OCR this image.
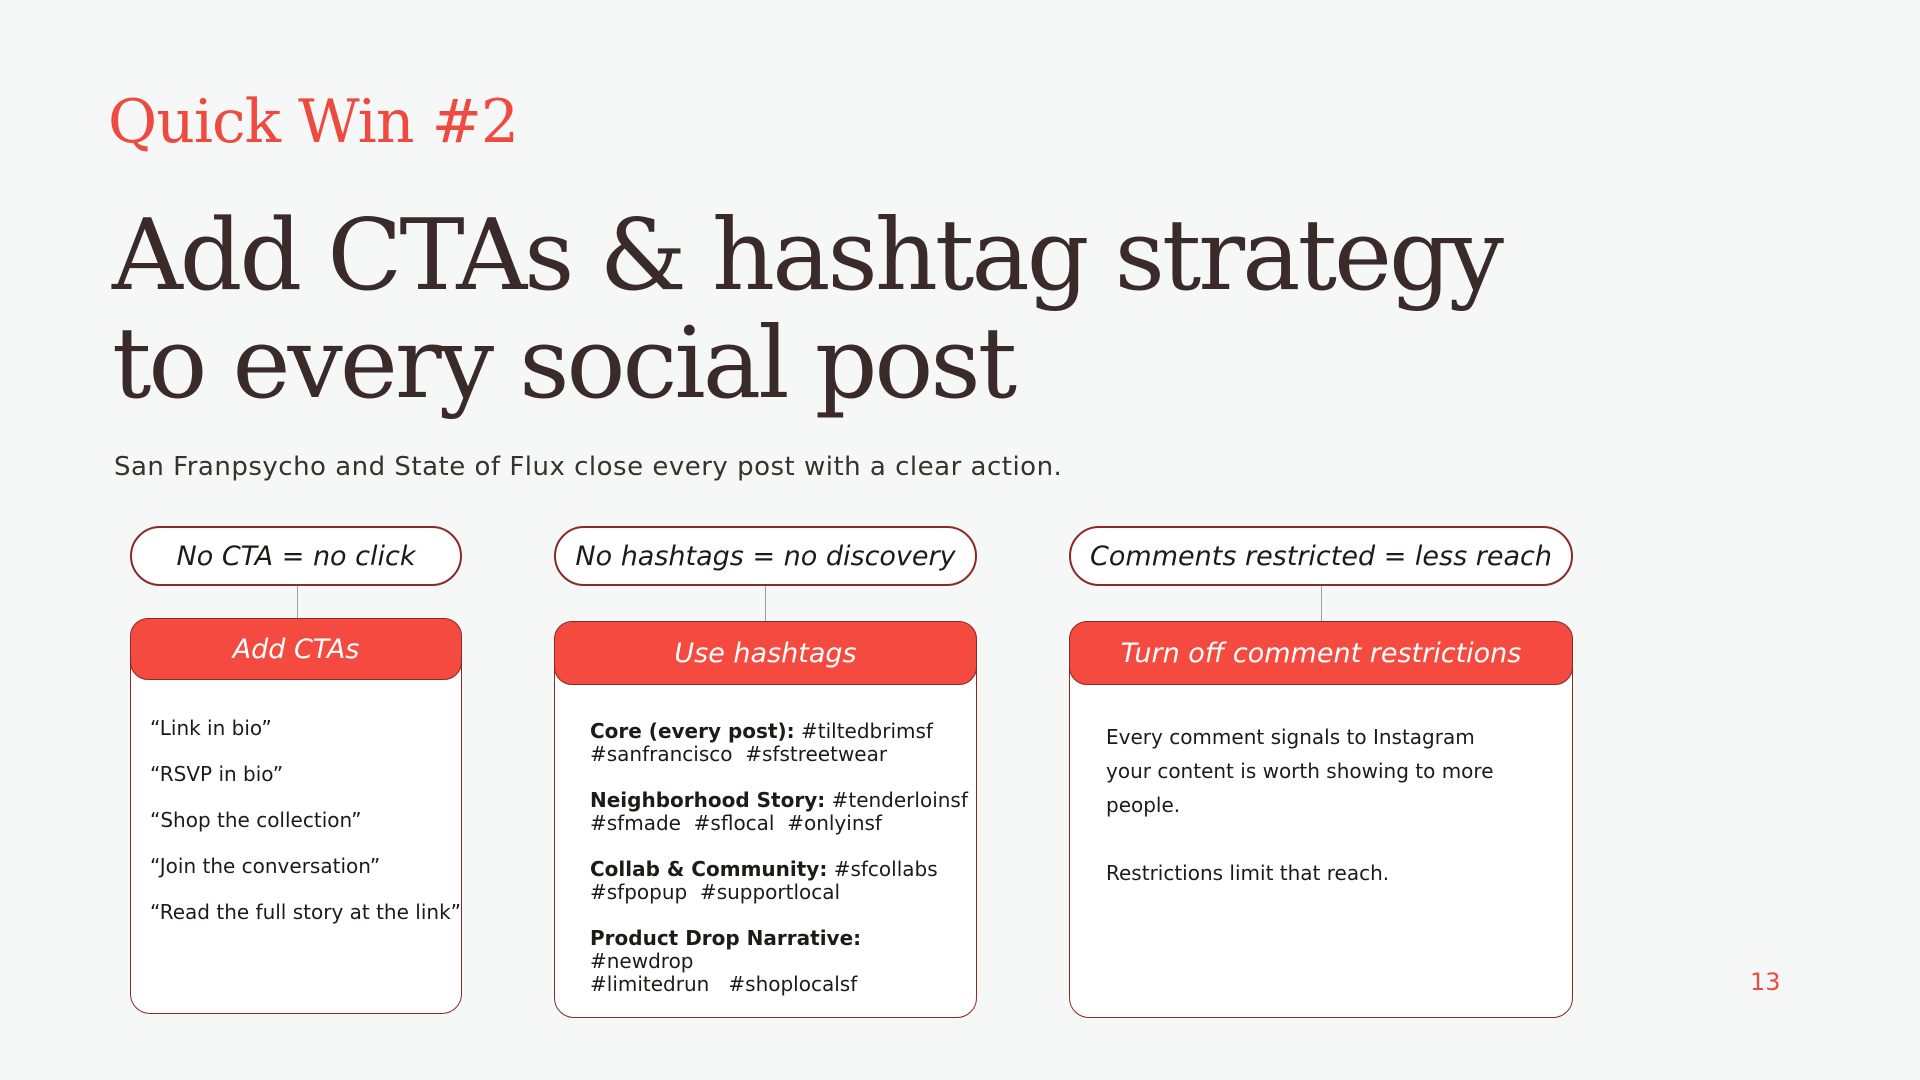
Quick Win #2
Add CTAs & hashtag strategy
to every social post
San Franpsycho and State of Flux close every post with a clear action.
No CTA = no click
Add CTAs
“Link in bio”
“RSVP in bio”
“Shop the collection”
“Join the conversation”
“Read the full story at the link”
No hashtags = no discovery
Use hashtags
Core (every post): #tiltedbrimsf
#sanfrancisco  #sfstreetwear
Neighborhood Story: #tenderloinsf
#sfmade  #sflocal  #onlyinsf
Collab & Community: #sfcollabs
#sfpopup  #supportlocal
Product Drop Narrative: #newdrop
#limitedrun   #shoplocalsf
Comments restricted = less reach
Turn off comment restrictions

Every comment signals to Instagram your content is worth showing to more people.

Restrictions limit that reach.

13
